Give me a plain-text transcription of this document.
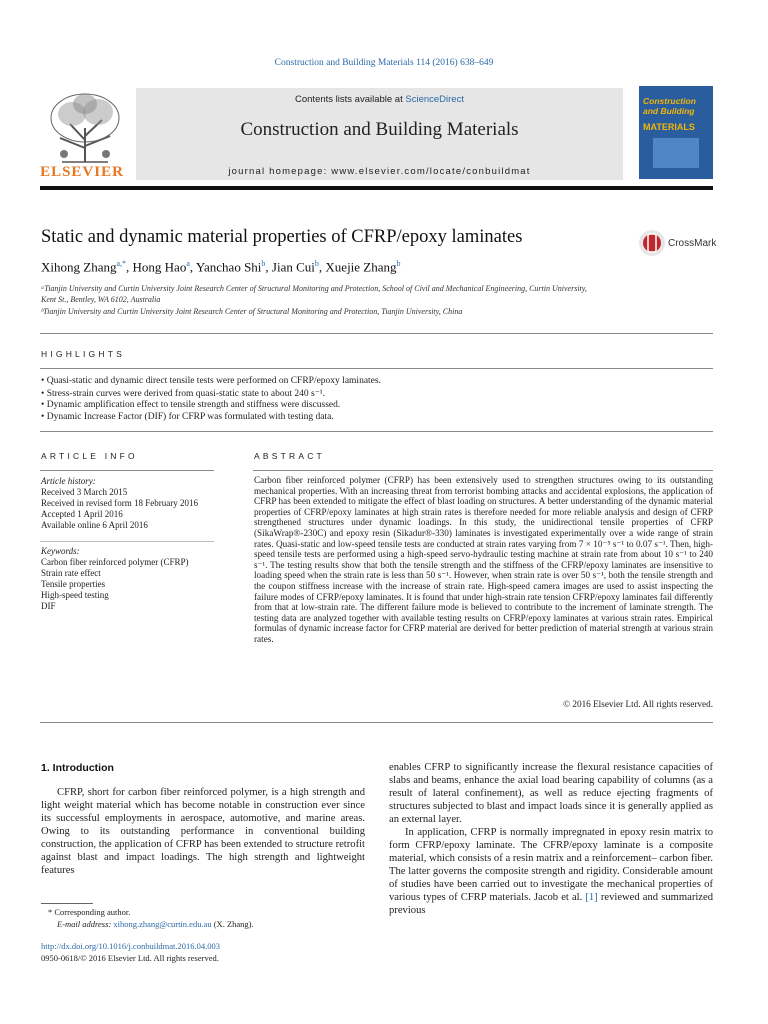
Construction and Building Materials 114 (2016) 638–649
ELSEVIER
Contents lists available at ScienceDirect
Construction and Building Materials
journal homepage: www.elsevier.com/locate/conbuildmat
Construction and Building
MATERIALS
Static and dynamic material properties of CFRP/epoxy laminates	CrossMark
Xihong Zhang$^{a,*}$, Hong Hao$^a$, Yanchao Shi$^b$, Jian Cui$^b$, Xuejie Zhang$^b$
ᵃTianjin University and Curtin University Joint Research Center of Structural Monitoring and Protection, School of Civil and Mechanical Engineering, Curtin University,
Kent St., Bentley, WA 6102, Australia
ᵇTianjin University and Curtin University Joint Research Center of Structural Monitoring and Protection, Tianjin University, China
HIGHLIGHTS
• Quasi-static and dynamic direct tensile tests were performed on CFRP/epoxy laminates.
• Stress-strain curves were derived from quasi-static state to about 240 s⁻¹.
• Dynamic amplification effect to tensile strength and stiffness were discussed.
• Dynamic Increase Factor (DIF) for CFRP was formulated with testing data.
ARTICLE INFO	ABSTRACT
Article history:
Received 3 March 2015
Received in revised form 18 February 2016
Accepted 1 April 2016
Available online 6 April 2016
Keywords:
Carbon fiber reinforced polymer (CFRP)
Strain rate effect
Tensile properties
High-speed testing
DIF
Carbon fiber reinforced polymer (CFRP) has been extensively used to strengthen structures owing to its outstanding mechanical properties. With an increasing threat from terrorist bombing attacks and accidental explosions, the application of CFRP has been extended to mitigate the effect of blast loading on structures. A better understanding of the dynamic material properties of CFRP/epoxy laminates at high strain rates is therefore needed for more reliable analysis and design of CFRP strengthened structures under dynamic loadings. In this study, the unidirectional tensile properties of CFRP (SikaWrap®-230C) and epoxy resin (Sikadur®-330) laminates is investigated experimentally over a wide range of strain rates. Quasi-static and low-speed tensile tests are conducted at strain rates varying from 7 × 10⁻⁵ s⁻¹ to 0.07 s⁻¹. Then, high-speed tensile tests are performed using a high-speed servo-hydraulic testing machine at strain rate from about 10 s⁻¹ to 240 s⁻¹. The testing results show that both the tensile strength and the stiffness of the CFRP/epoxy laminates are insensitive to loading speed when the strain rate is less than 50 s⁻¹. However, when strain rate is over 50 s⁻¹, both the tensile strength and the coupon stiffness increase with the increase of strain rate. High-speed camera images are used to assist inspecting the failure modes of CFRP/epoxy laminates. It is found that under high-strain rate tension CFRP/epoxy laminates fail differently from that at low-strain rate. The different failure mode is believed to contribute to the increment of laminate strength. The testing data are analyzed together with available testing results on CFRP/epoxy laminates at various strain rates. Empirical formulas of dynamic increase factor for CFRP material are derived for better prediction of material strength at various strain rates.
© 2016 Elsevier Ltd. All rights reserved.
1. Introduction
CFRP, short for carbon fiber reinforced polymer, is a high strength and light weight material which has become notable in construction ever since its successful employments in aerospace, automotive, and marine areas. Owing to its outstanding performance in conventional building construction, the application of CFRP has been extended to structure retrofit against blast and impact loadings. The high strength and lightweight features

enables CFRP to significantly increase the flexural resistance capacities of slabs and beams, enhance the axial load bearing capability of columns (as a result of lateral confinement), as well as reduce ejecting fragments of structures subjected to blast and impact loads since it is generally applied as an external layer.

In application, CFRP is normally impregnated in epoxy resin matrix to form CFRP/epoxy laminate. The CFRP/epoxy laminate is a composite material, which consists of a resin matrix and a reinforcement– carbon fiber. The latter governs the composite strength and rigidity. Considerable amount of studies have been carried out to investigate the mechanical properties of various types of CFRP materials. Jacob et al. [1] reviewed and summarized previous

* Corresponding author.
E-mail address: xihong.zhang@curtin.edu.au (X. Zhang).
http://dx.doi.org/10.1016/j.conbuildmat.2016.04.003
0950-0618/© 2016 Elsevier Ltd. All rights reserved.
